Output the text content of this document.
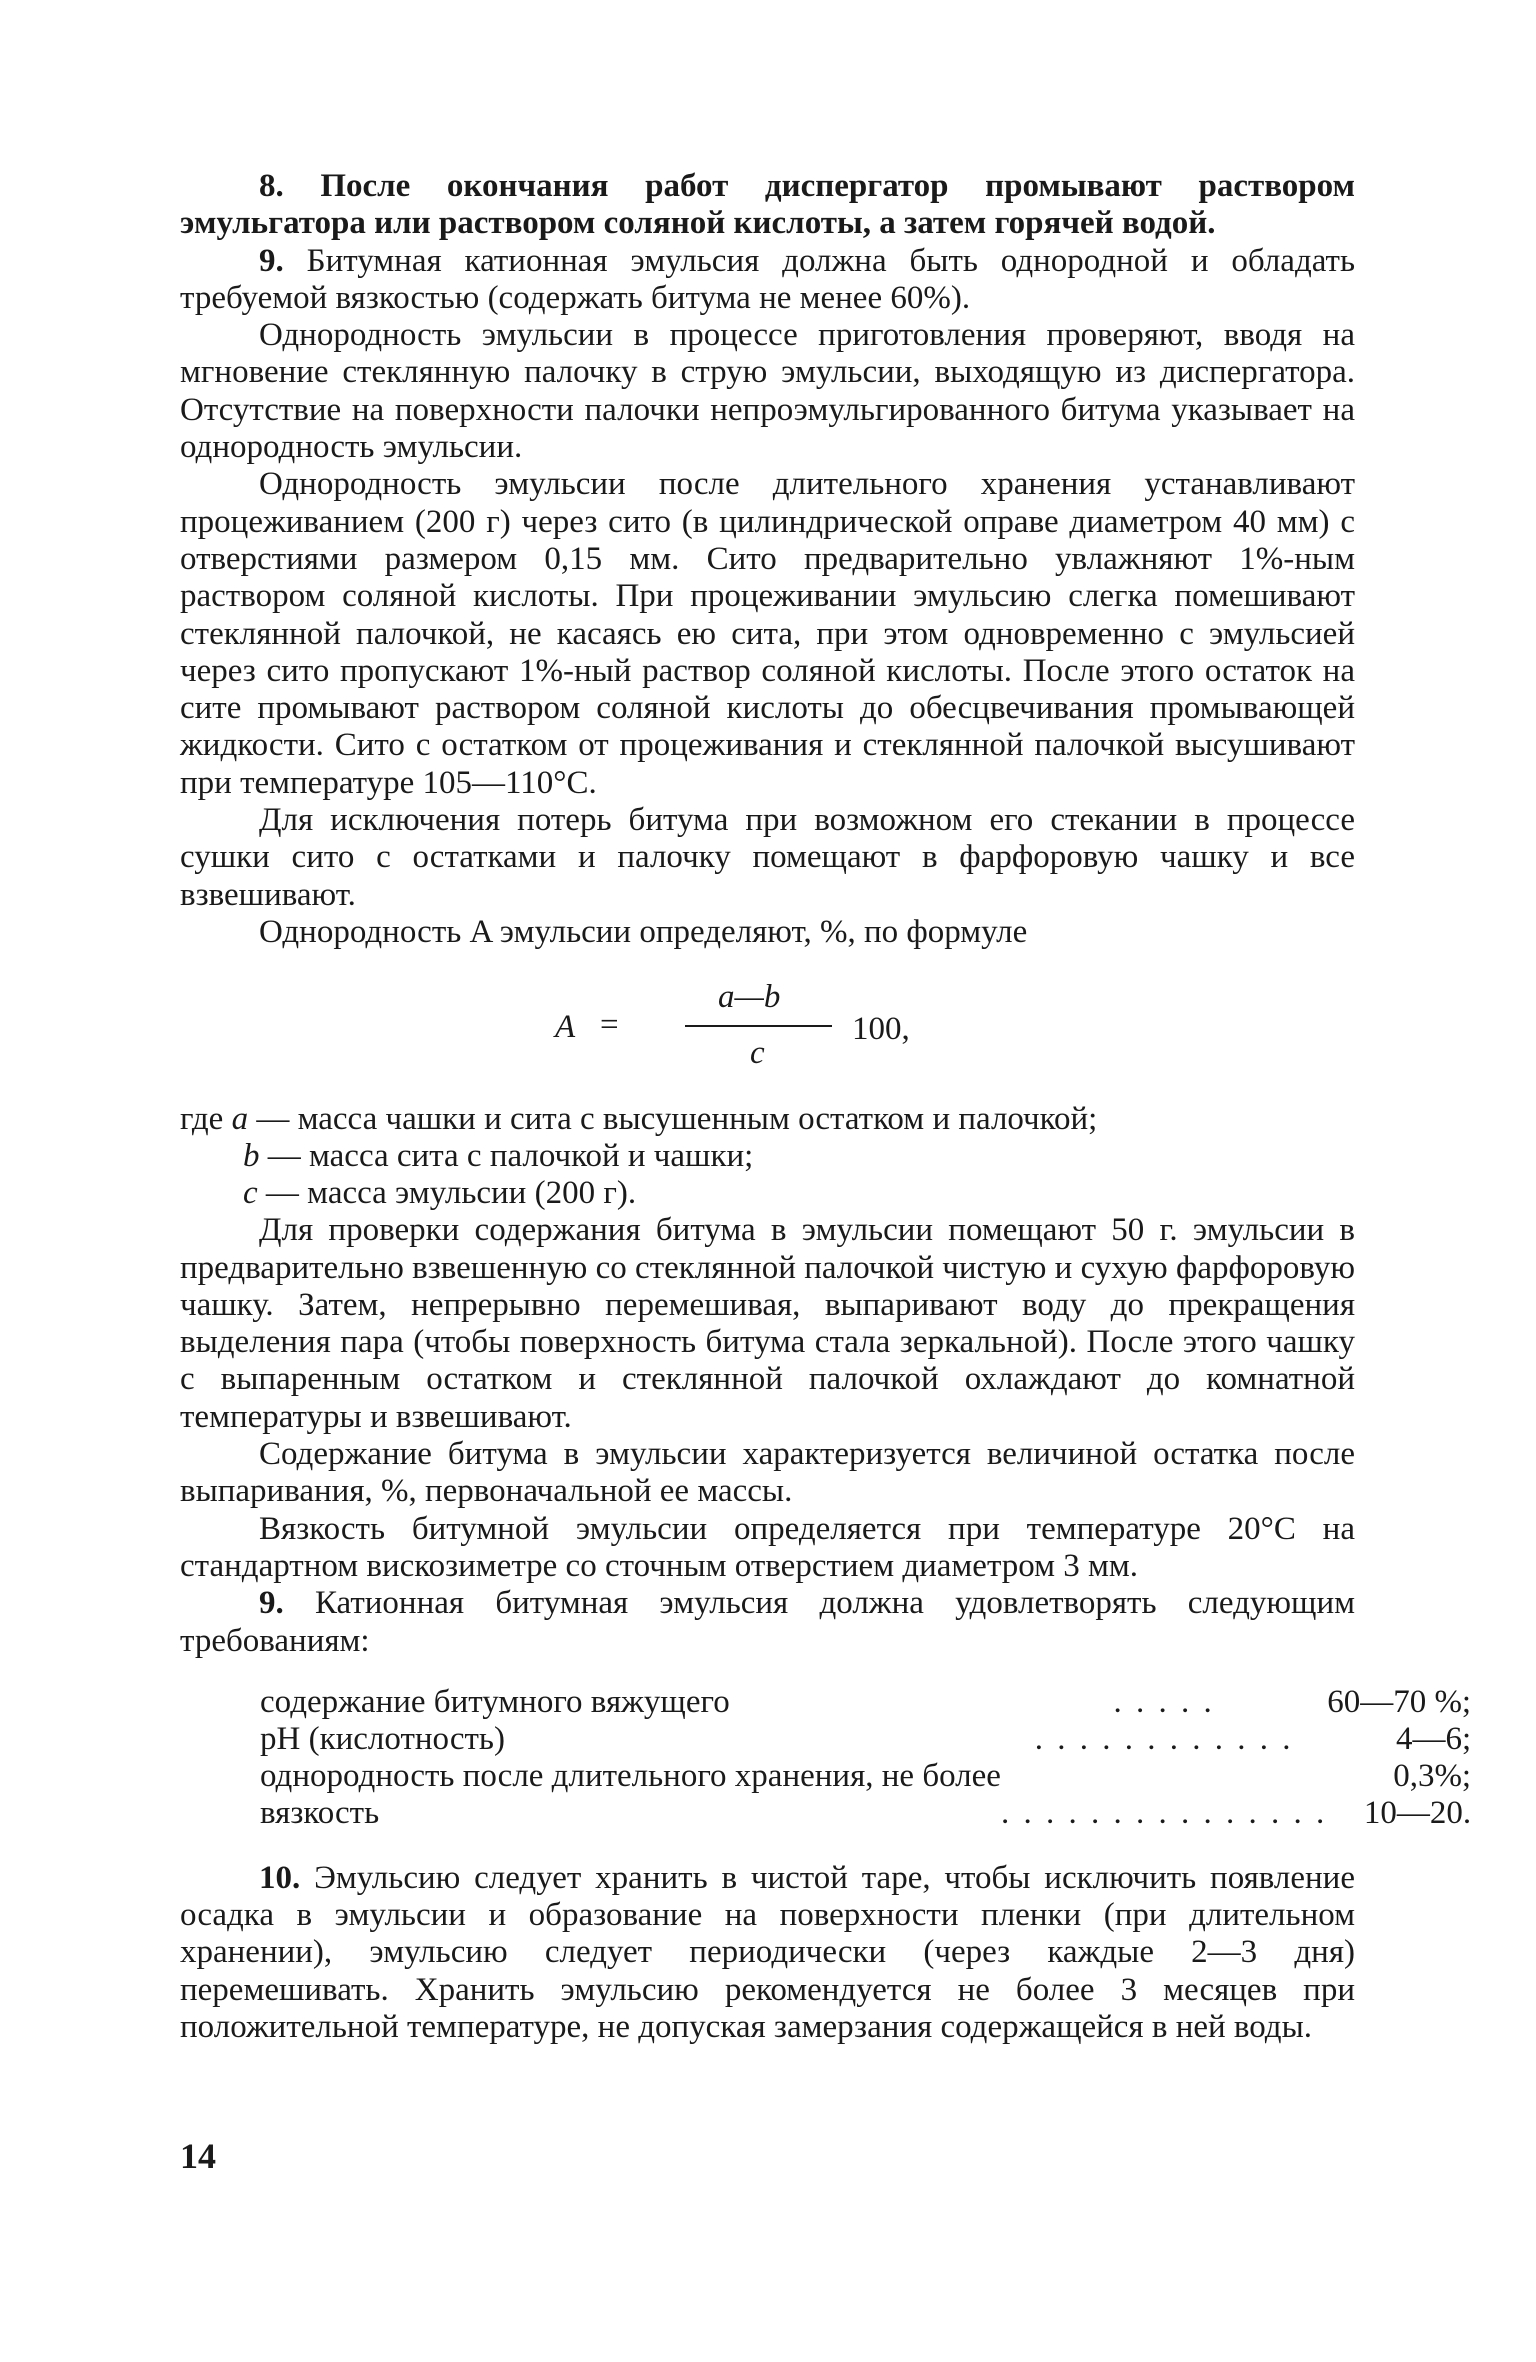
8. После окончания работ диспергатор промывают раствором эмульгатора или раствором соляной кислоты, а затем горячей водой.

9. Битумная катионная эмульсия должна быть однородной и обладать требуемой вязкостью (содержать битума не менее 60%).

Однородность эмульсии в процессе приготовления проверяют, вводя на мгновение стеклянную палочку в струю эмульсии, выходящую из диспергатора. Отсутствие на поверхности палочки непроэмульгированного битума указывает на однородность эмульсии.

Однородность эмульсии после длительного хранения устанавливают процеживанием (200 г) через сито (в цилиндрической оправе диаметром 40 мм) с отверстиями размером 0,15 мм. Сито предварительно увлажняют 1%-ным раствором соляной кислоты. При процеживании эмульсию слегка помешивают стеклянной палочкой, не касаясь ею сита, при этом одновременно с эмульсией через сито пропускают 1%-ный раствор соляной кислоты. После этого остаток на сите промывают раствором соляной кислоты до обесцвечивания промывающей жидкости. Сито с остатком от процеживания и стеклянной палочкой высушивают при температуре 105—110°С.

Для исключения потерь битума при возможном его стекании в процессе сушки сито с остатками и палочку помещают в фарфоровую чашку и все взвешивают.

Однородность A эмульсии определяют, %, по формуле

A =
a—b
c
100,
где a — масса чашки и сита с высушенным остатком и палочкой;
b — масса сита с палочкой и чашки;
c — масса эмульсии (200 г).

Для проверки содержания битума в эмульсии помещают 50 г. эмульсии в предварительно взвешенную со стеклянной палочкой чистую и сухую фарфоровую чашку. Затем, непрерывно перемешивая, выпаривают воду до прекращения выделения пара (чтобы поверхность битума стала зеркальной). После этого чашку с выпаренным остатком и стеклянной палочкой охлаждают до комнатной температуры и взвешивают.

Содержание битума в эмульсии характеризуется величиной остатка после выпаривания, %, первоначальной ее массы.

Вязкость битумной эмульсии определяется при температуре 20°С на стандартном вискозиметре со сточным отверстием диаметром 3 мм.

9. Катионная битумная эмульсия должна удовлетворять следующим требованиям:

содержание битумного вяжущего	. . . . .	60—70 %;
pH (кислотность)	. . . . . . . . . . . .	4—6;
однородность после длительного хранения, не более		0,3%;
вязкость	. . . . . . . . . . . . . . .	10—20.

10. Эмульсию следует хранить в чистой таре, чтобы исключить появление осадка в эмульсии и образование на поверхности пленки (при длительном хранении), эмульсию следует периодически (через каждые 2—3 дня) перемешивать. Хранить эмульсию рекомендуется не более 3 месяцев при положительной температуре, не допуская замерзания содержащейся в ней воды.

14
